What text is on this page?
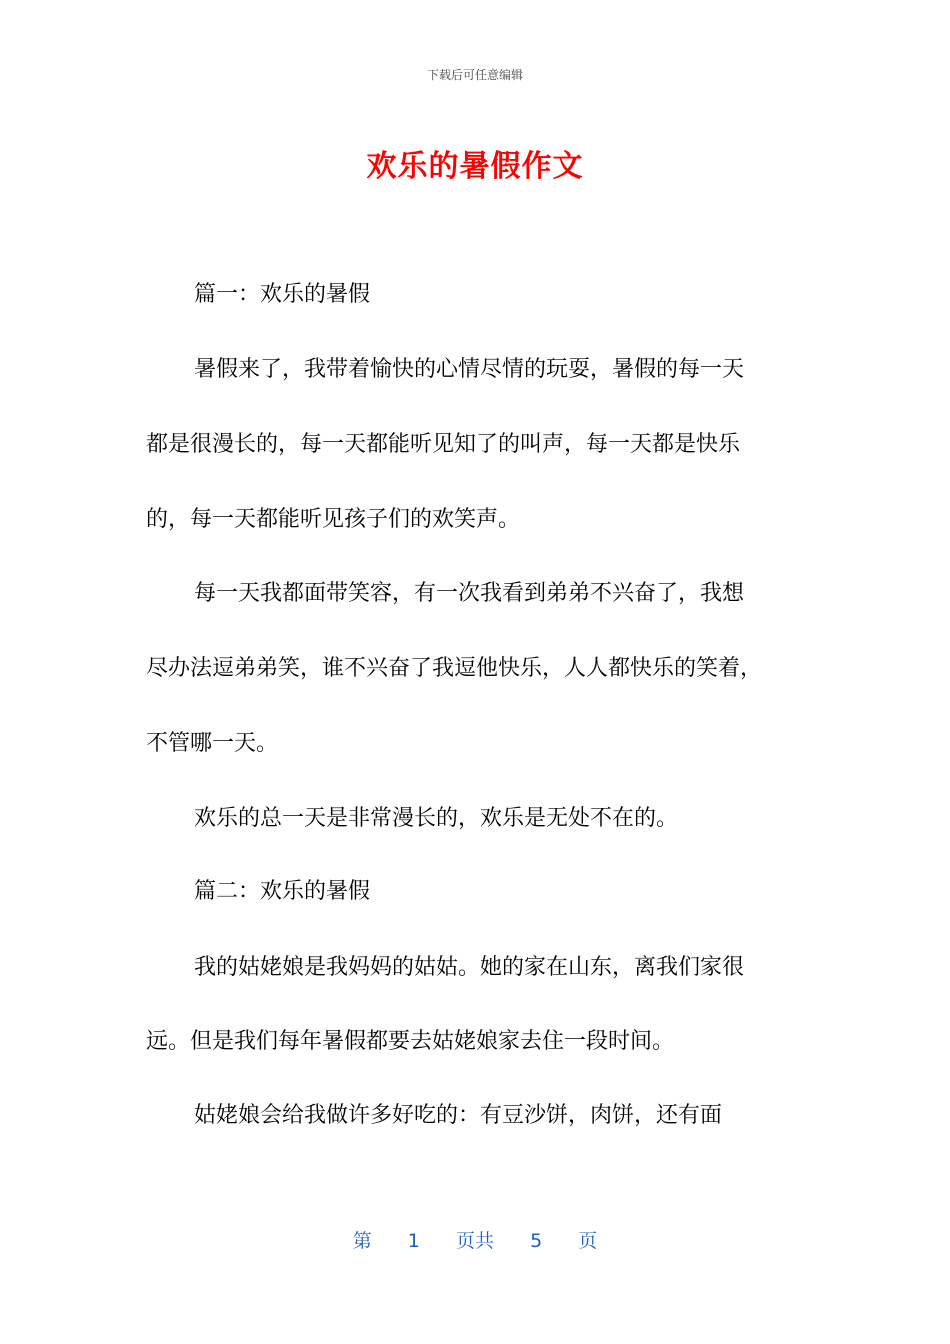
下载后可任意编辑
欢乐的暑假作文
篇一：欢乐的暑假
暑假来了，我带着愉快的心情尽情的玩耍，暑假的每一天
都是很漫长的，每一天都能听见知了的叫声，每一天都是快乐
的，每一天都能听见孩子们的欢笑声。
每一天我都面带笑容，有一次我看到弟弟不兴奋了，我想
尽办法逗弟弟笑，谁不兴奋了我逗他快乐，人人都快乐的笑着，
不管哪一天。
欢乐的总一天是非常漫长的，欢乐是无处不在的。
篇二：欢乐的暑假
我的姑姥娘是我妈妈的姑姑。她的家在山东，离我们家很
远。但是我们每年暑假都要去姑姥娘家去住一段时间。
姑姥娘会给我做许多好吃的：有豆沙饼，肉饼，还有面
第 1 页共 5 页
